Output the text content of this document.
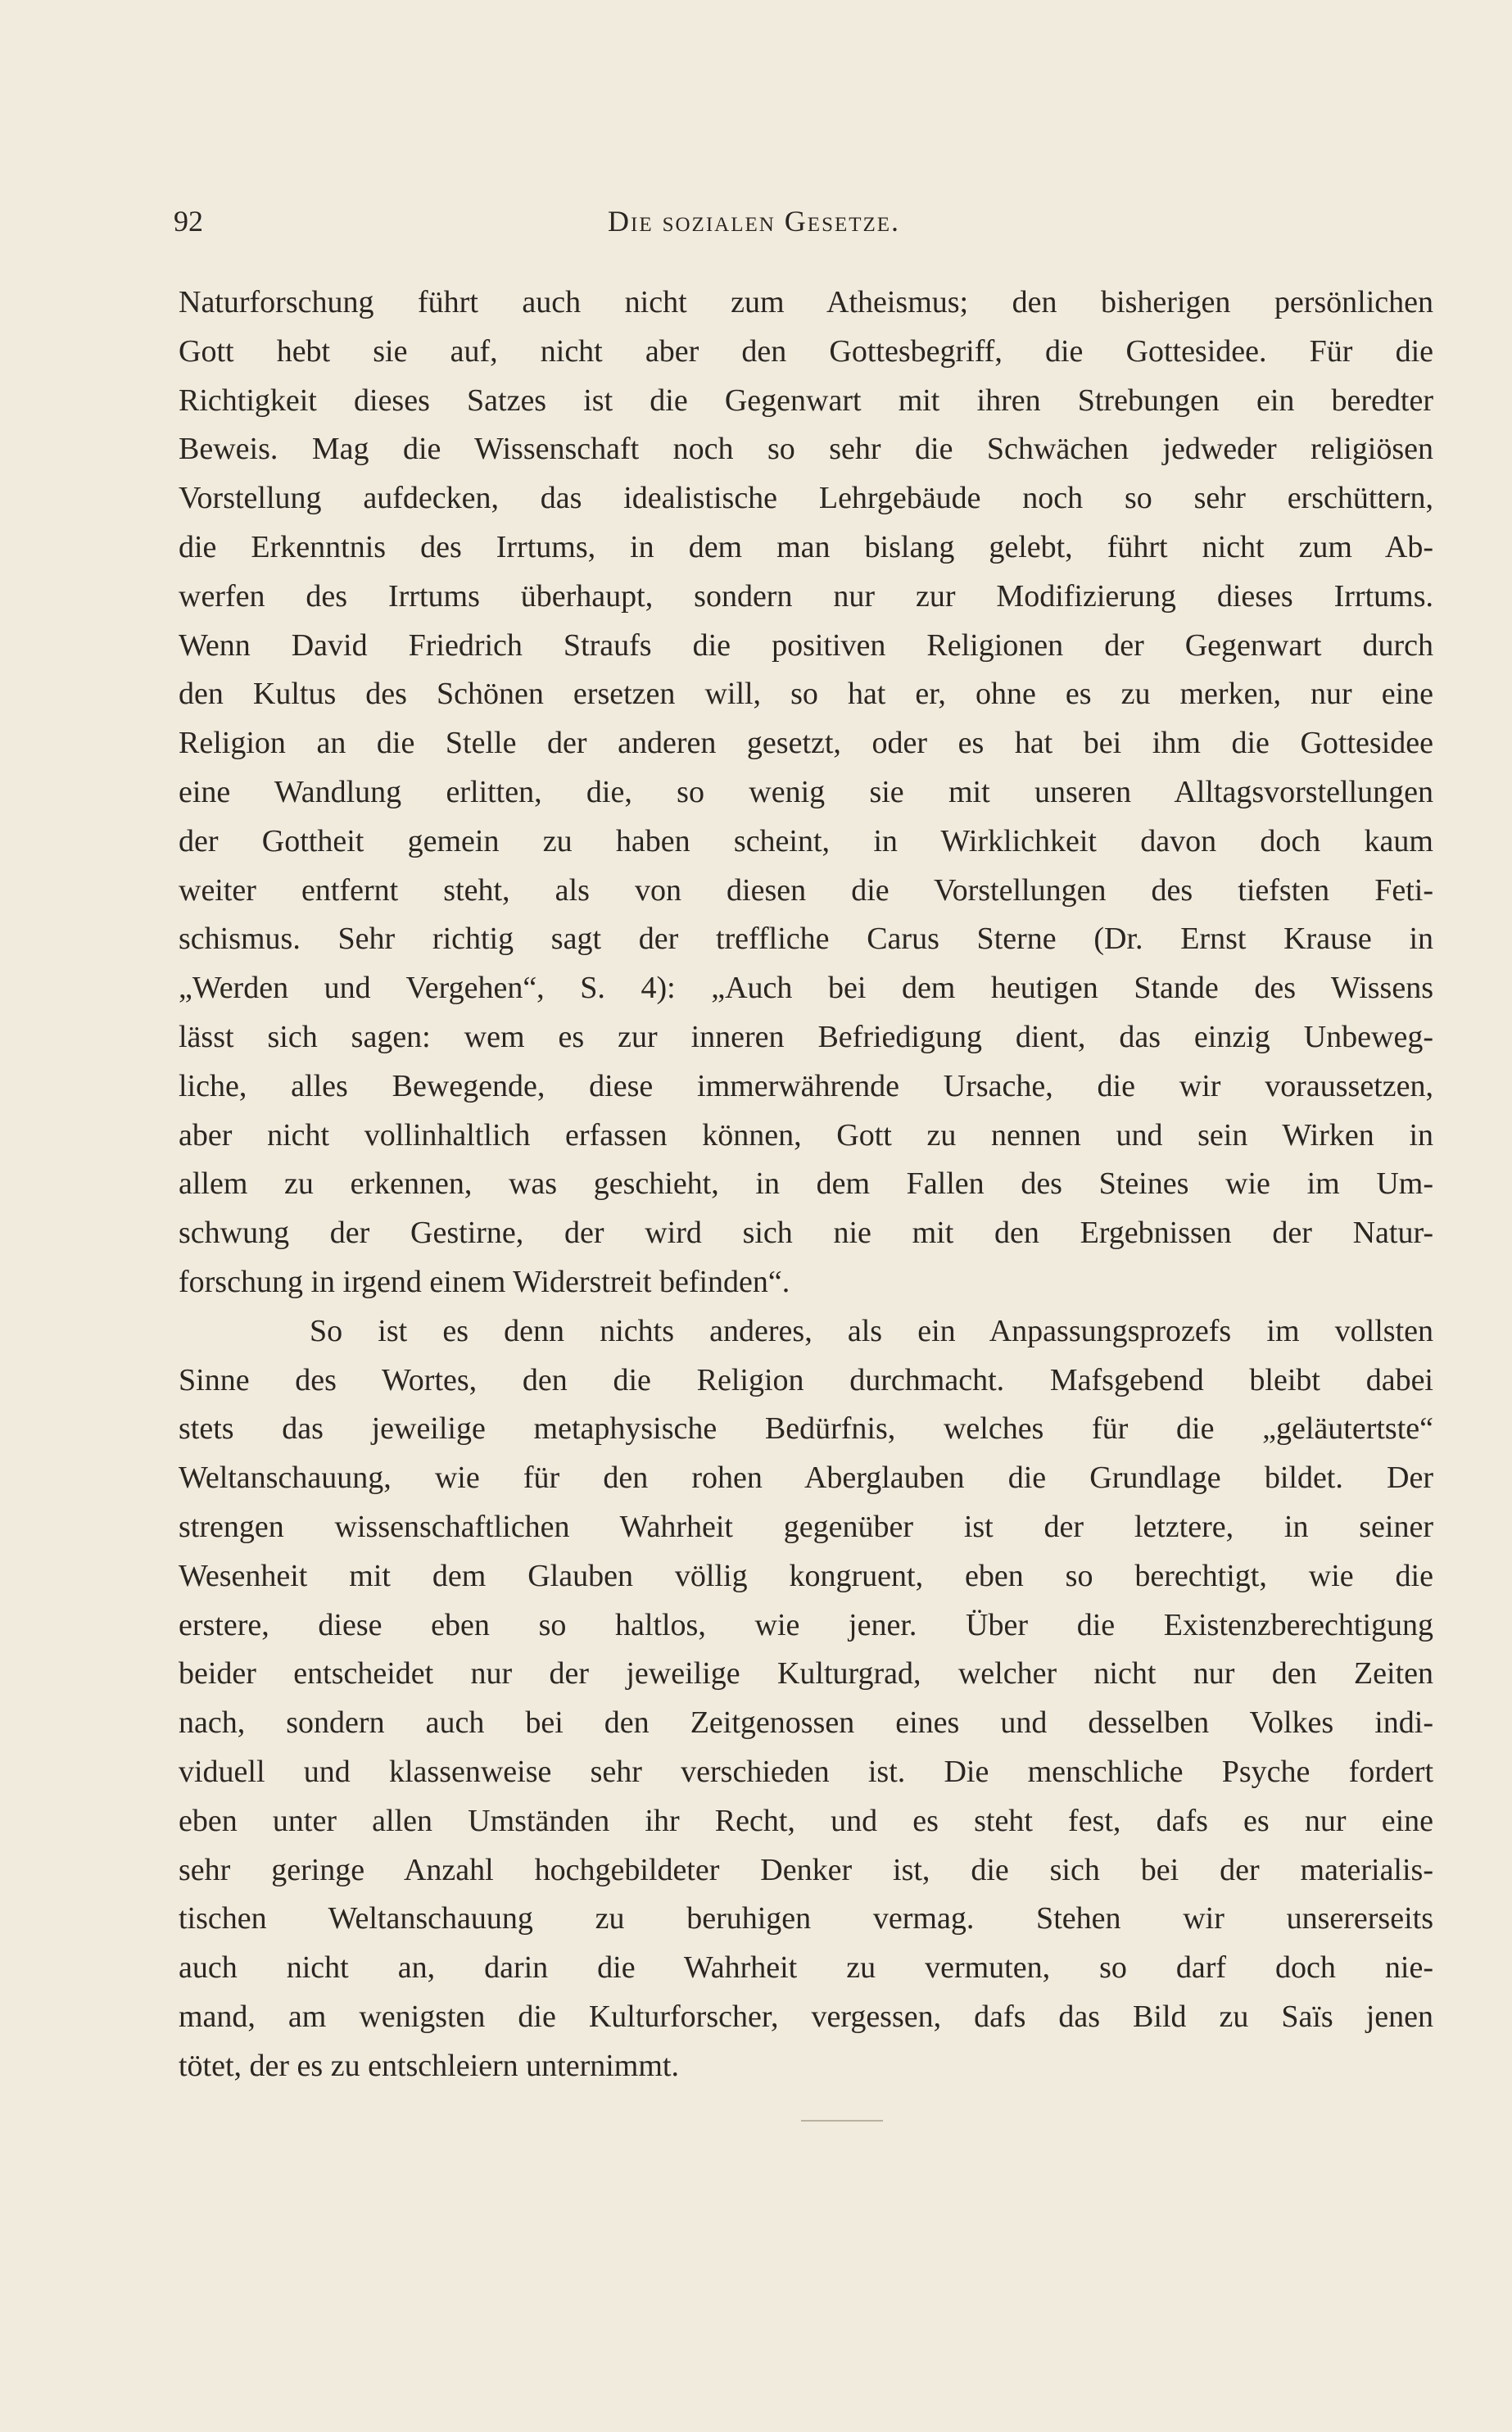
92	Die sozialen Gesetze.
Naturforschung führt auch nicht zum Atheismus; den bisherigen persönlichen
Gott hebt sie auf, nicht aber den Gottesbegriff, die Gottesidee. Für die
Richtigkeit dieses Satzes ist die Gegenwart mit ihren Strebungen ein beredter
Beweis. Mag die Wissenschaft noch so sehr die Schwächen jedweder religiösen
Vorstellung aufdecken, das idealistische Lehrgebäude noch so sehr erschüttern,
die Erkenntnis des Irrtums, in dem man bislang gelebt, führt nicht zum Ab-
werfen des Irrtums überhaupt, sondern nur zur Modifizierung dieses Irrtums.
Wenn David Friedrich Straufs die positiven Religionen der Gegenwart durch
den Kultus des Schönen ersetzen will, so hat er, ohne es zu merken, nur eine
Religion an die Stelle der anderen gesetzt, oder es hat bei ihm die Gottesidee
eine Wandlung erlitten, die, so wenig sie mit unseren Alltagsvorstellungen
der Gottheit gemein zu haben scheint, in Wirklichkeit davon doch kaum
weiter entfernt steht, als von diesen die Vorstellungen des tiefsten Feti-
schismus. Sehr richtig sagt der treffliche Carus Sterne (Dr. Ernst Krause in
„Werden und Vergehen“, S. 4): „Auch bei dem heutigen Stande des Wissens
lässt sich sagen: wem es zur inneren Befriedigung dient, das einzig Unbeweg-
liche, alles Bewegende, diese immerwährende Ursache, die wir voraussetzen,
aber nicht vollinhaltlich erfassen können, Gott zu nennen und sein Wirken in
allem zu erkennen, was geschieht, in dem Fallen des Steines wie im Um-
schwung der Gestirne, der wird sich nie mit den Ergebnissen der Natur-
forschung in irgend einem Widerstreit befinden“.
So ist es denn nichts anderes, als ein Anpassungsprozefs im vollsten
Sinne des Wortes, den die Religion durchmacht. Mafsgebend bleibt dabei
stets das jeweilige metaphysische Bedürfnis, welches für die „geläutertste“
Weltanschauung, wie für den rohen Aberglauben die Grundlage bildet. Der
strengen wissenschaftlichen Wahrheit gegenüber ist der letztere, in seiner
Wesenheit mit dem Glauben völlig kongruent, eben so berechtigt, wie die
erstere, diese eben so haltlos, wie jener. Über die Existenzberechtigung
beider entscheidet nur der jeweilige Kulturgrad, welcher nicht nur den Zeiten
nach, sondern auch bei den Zeitgenossen eines und desselben Volkes indi-
viduell und klassenweise sehr verschieden ist. Die menschliche Psyche fordert
eben unter allen Umständen ihr Recht, und es steht fest, dafs es nur eine
sehr geringe Anzahl hochgebildeter Denker ist, die sich bei der materialis-
tischen Weltanschauung zu beruhigen vermag. Stehen wir unsererseits
auch nicht an, darin die Wahrheit zu vermuten, so darf doch nie-
mand, am wenigsten die Kulturforscher, vergessen, dafs das Bild zu Saïs jenen
tötet, der es zu entschleiern unternimmt.
